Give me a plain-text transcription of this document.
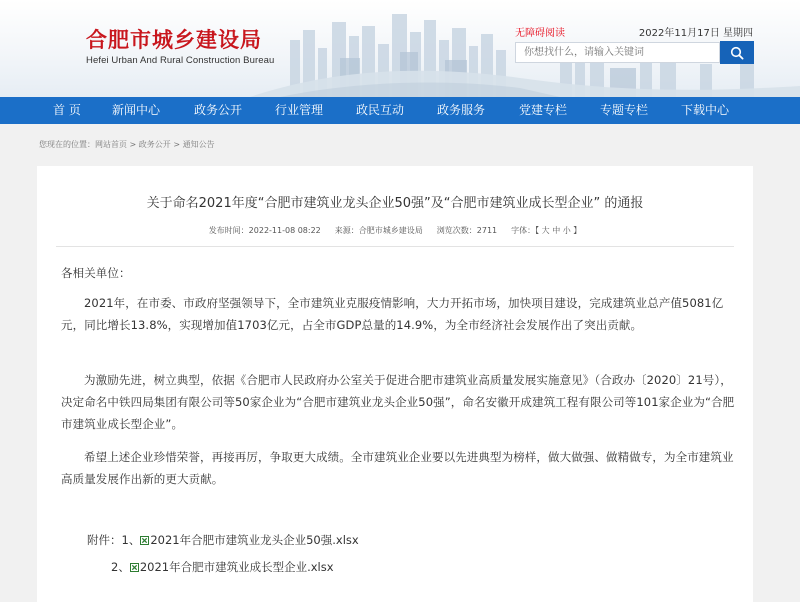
合肥市城乡建设局
Hefei Urban And Rural Construction Bureau
无障碍阅读	2022年11月17日 星期四
你想找什么，请输入关键词
首 页	新闻中心	政务公开	行业管理	政民互动	政务服务	党建专栏	专题专栏	下载中心
您现在的位置：网站首页 > 政务公开 > 通知公告
关于命名2021年度“合肥市建筑业龙头企业50强”及“合肥市建筑业成长型企业” 的通报
发布时间：2022-11-08 08:22 来源：合肥市城乡建设局 浏览次数：2711 字体：【 大 中 小 】
各相关单位：
2021年，在市委、市政府坚强领导下，全市建筑业克服疫情影响，大力开拓市场，加快项目建设，完成建筑业总产值5081亿元，同比增长13.8%，实现增加值1703亿元，占全市GDP总量的14.9%，为全市经济社会发展作出了突出贡献。
为激励先进，树立典型，依据《合肥市人民政府办公室关于促进合肥市建筑业高质量发展实施意见》（合政办〔2020〕21号），决定命名中铁四局集团有限公司等50家企业为“合肥市建筑业龙头企业50强”，命名安徽开成建筑工程有限公司等101家企业为“合肥市建筑业成长型企业”。
希望上述企业珍惜荣誉，再接再厉，争取更大成绩。全市建筑业企业要以先进典型为榜样，做大做强、做精做专，为全市建筑业高质量发展作出新的更大贡献。
附件：1、 2021年合肥市建筑业龙头企业50强.xlsx
2、 2021年合肥市建筑业成长型企业.xlsx
